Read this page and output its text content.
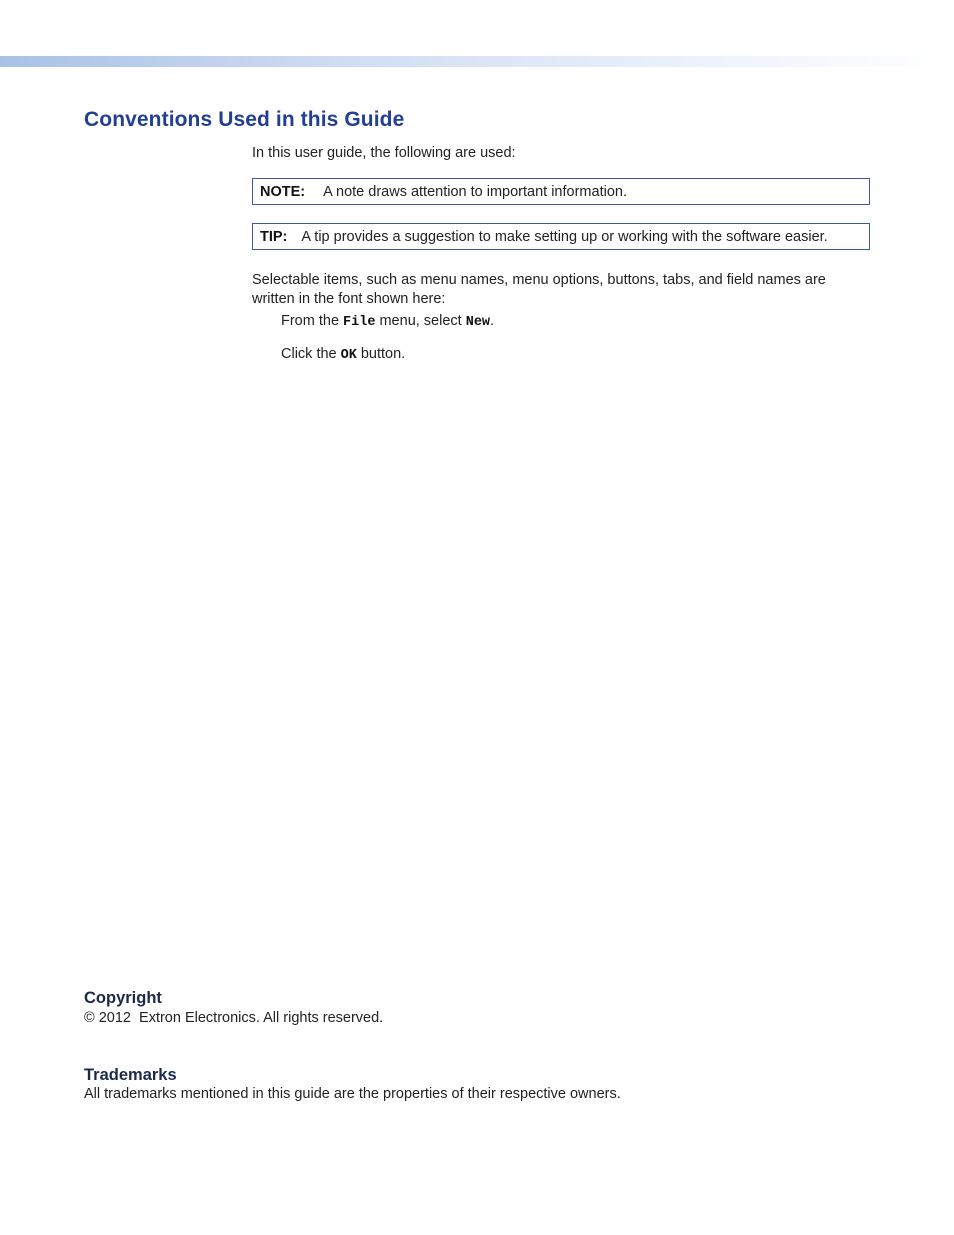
Conventions Used in this Guide

In this user guide, the following are used:

NOTE: A note draws attention to important information.
TIP: A tip provides a suggestion to make setting up or working with the software easier.

Selectable items, such as menu names, menu options, buttons, tabs, and field names are written in the font shown here:

From the File menu, select New.

Click the OK button.

Copyright

© 2012  Extron Electronics. All rights reserved.

Trademarks

All trademarks mentioned in this guide are the properties of their respective owners.
